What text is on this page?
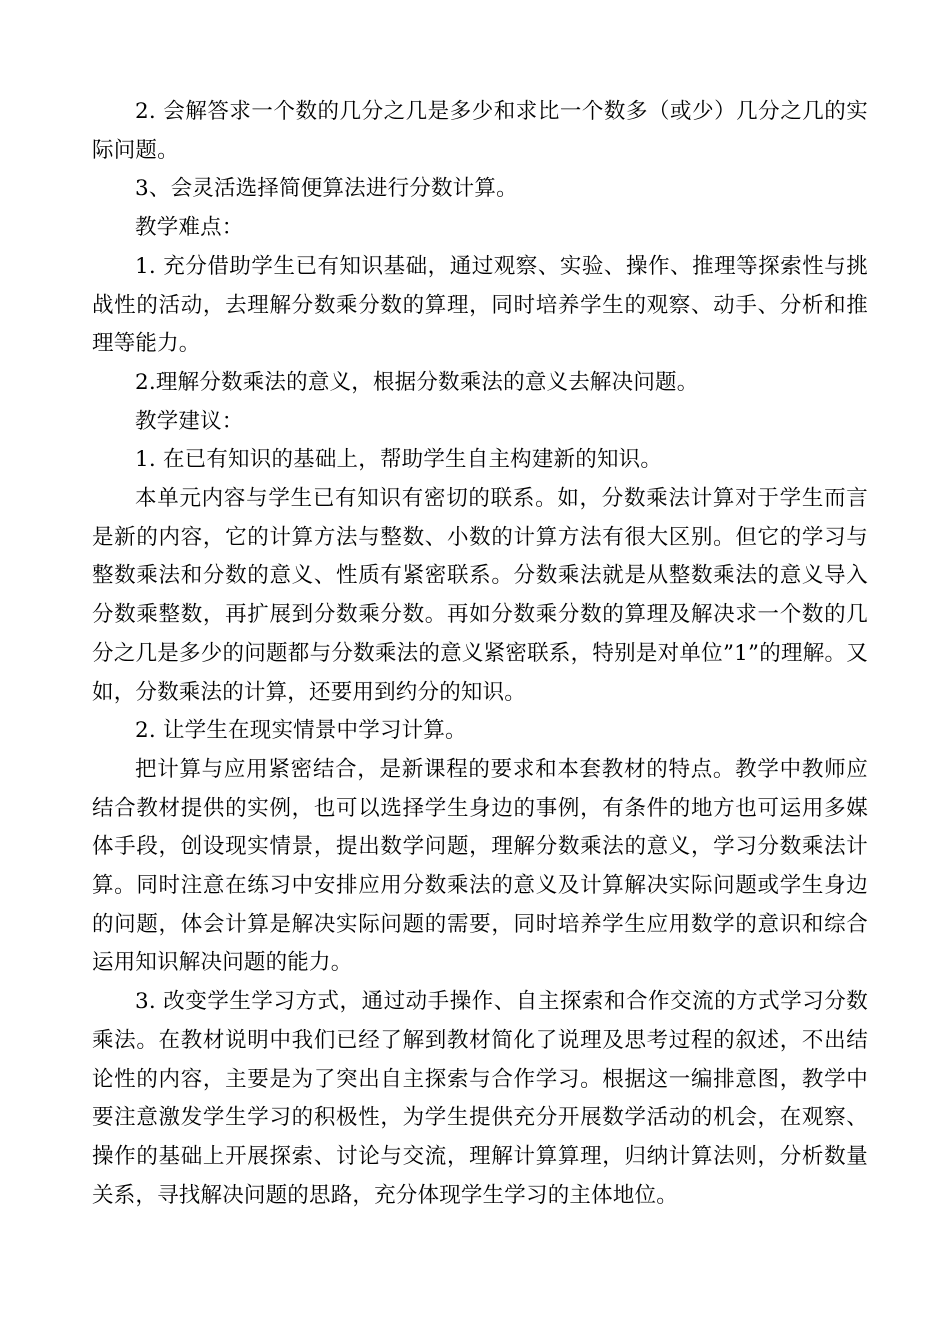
2. 会解答求一个数的几分之几是多少和求比一个数多（或少）几分之几的实际问题。

3、会灵活选择简便算法进行分数计算。

教学难点：

1. 充分借助学生已有知识基础，通过观察、实验、操作、推理等探索性与挑战性的活动，去理解分数乘分数的算理，同时培养学生的观察、动手、分析和推理等能力。

2.理解分数乘法的意义，根据分数乘法的意义去解决问题。

教学建议：

1. 在已有知识的基础上，帮助学生自主构建新的知识。

本单元内容与学生已有知识有密切的联系。如，分数乘法计算对于学生而言是新的内容，它的计算方法与整数、小数的计算方法有很大区别。但它的学习与整数乘法和分数的意义、性质有紧密联系。分数乘法就是从整数乘法的意义导入分数乘整数，再扩展到分数乘分数。再如分数乘分数的算理及解决求一个数的几分之几是多少的问题都与分数乘法的意义紧密联系，特别是对单位”1”的理解。又如，分数乘法的计算，还要用到约分的知识。

2. 让学生在现实情景中学习计算。

把计算与应用紧密结合，是新课程的要求和本套教材的特点。教学中教师应结合教材提供的实例，也可以选择学生身边的事例，有条件的地方也可运用多媒体手段，创设现实情景，提出数学问题，理解分数乘法的意义，学习分数乘法计算。同时注意在练习中安排应用分数乘法的意义及计算解决实际问题或学生身边的问题，体会计算是解决实际问题的需要，同时培养学生应用数学的意识和综合运用知识解决问题的能力。

3. 改变学生学习方式，通过动手操作、自主探索和合作交流的方式学习分数乘法。在教材说明中我们已经了解到教材简化了说理及思考过程的叙述，不出结论性的内容，主要是为了突出自主探索与合作学习。根据这一编排意图，教学中要注意激发学生学习的积极性，为学生提供充分开展数学活动的机会，在观察、操作的基础上开展探索、讨论与交流，理解计算算理，归纳计算法则，分析数量关系，寻找解决问题的思路，充分体现学生学习的主体地位。
